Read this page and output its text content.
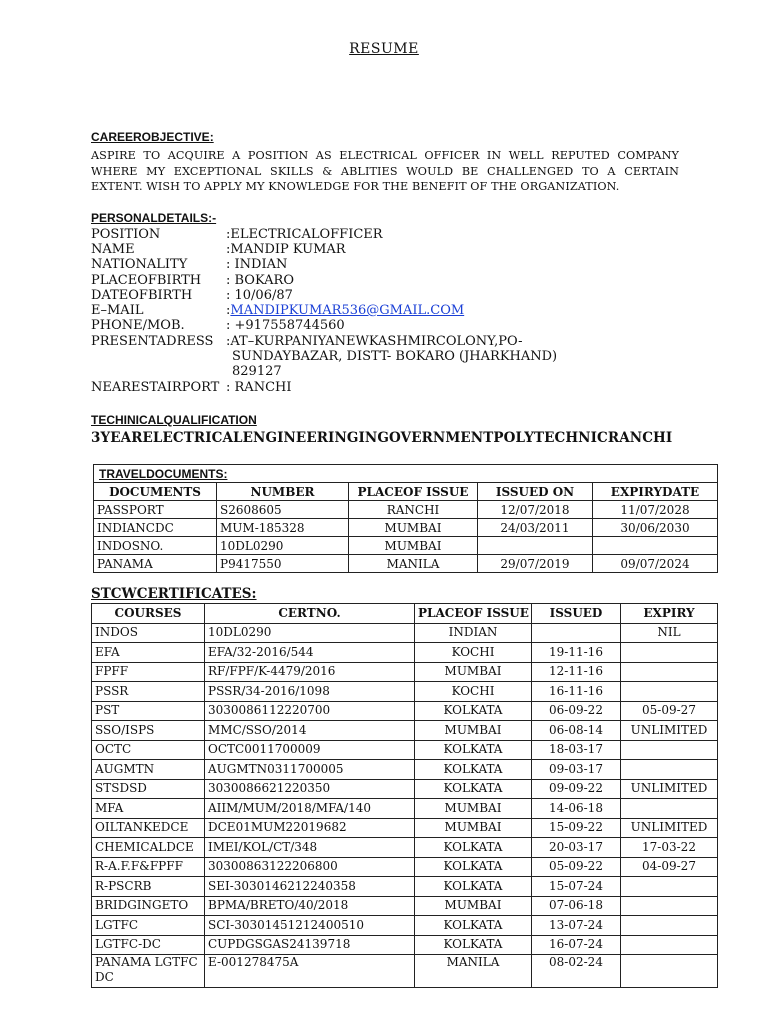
RESUME
CAREEROBJECTIVE:
ASPIRE TO ACQUIRE A POSITION AS ELECTRICAL OFFICER IN WELL REPUTED COMPANY WHERE MY EXCEPTIONAL SKILLS & ABLITIES WOULD BE CHALLENGED TO A CERTAIN EXTENT. WISH TO APPLY MY KNOWLEDGE FOR THE BENEFIT OF THE ORGANIZATION.
PERSONALDETAILS:-
POSITION	:ELECTRICALOFFICER
NAME	:MANDIP KUMAR
NATIONALITY	: INDIAN
PLACEOFBIRTH : BOKARO
DATEOFBIRTH	: 10/06/87
E–MAIL	:MANDIPKUMAR536@GMAIL.COM
PHONE/MOB.	: +917558744560
PRESENTADRESS :AT–KURPANIYANEWKASHMIRCOLONY,PO-
SUNDAYBAZAR, DISTT- BOKARO (JHARKHAND)
829127
NEARESTAIRPORT : RANCHI
TECHINICALQUALIFICATION
3YEARELECTRICALENGINEERINGINGOVERNMENTPOLYTECHNICRANCHI
TRAVELDOCUMENTS:				
DOCUMENTS	NUMBER	PLACEOF ISSUE	ISSUED ON	EXPIRYDATE
PASSPORT	S2608605	RANCHI	12/07/2018	11/07/2028
INDIANCDC	MUM-185328	MUMBAI	24/03/2011	30/06/2030
INDOSNO.	10DL0290	MUMBAI		
PANAMA	P9417550	MANILA	29/07/2019	09/07/2024
STCWCERTIFICATES:
COURSES	CERTNO.	PLACEOF ISSUE	ISSUED	EXPIRY
INDOS	10DL0290	INDIAN		NIL
EFA	EFA/32-2016/544	KOCHI	19-11-16	
FPFF	RF/FPF/K-4479/2016	MUMBAI	12-11-16	
PSSR	PSSR/34-2016/1098	KOCHI	16-11-16	
PST	3030086112220700	KOLKATA	06-09-22	05-09-27
SSO/ISPS	MMC/SSO/2014	MUMBAI	06-08-14	UNLIMITED
OCTC	OCTC0011700009	KOLKATA	18-03-17	
AUGMTN	AUGMTN0311700005	KOLKATA	09-03-17	
STSDSD	3030086621220350	KOLKATA	09-09-22	UNLIMITED
MFA	AIIM/MUM/2018/MFA/140	MUMBAI	14-06-18	
OILTANKEDCE	DCE01MUM22019682	MUMBAI	15-09-22	UNLIMITED
CHEMICALDCE	IMEI/KOL/CT/348	KOLKATA	20-03-17	17-03-22
R-A.F.F&FPFF	30300863122206800	KOLKATA	05-09-22	04-09-27
R-PSCRB	SEI-3030146212240358	KOLKATA	15-07-24	
BRIDGINGETO	BPMA/BRETO/40/2018	MUMBAI	07-06-18	
LGTFC	SCI-30301451212400510	KOLKATA	13-07-24	
LGTFC-DC	CUPDGSGAS24139718	KOLKATA	16-07-24	
PANAMA LGTFC DC	E-001278475A	MANILA	08-02-24	
